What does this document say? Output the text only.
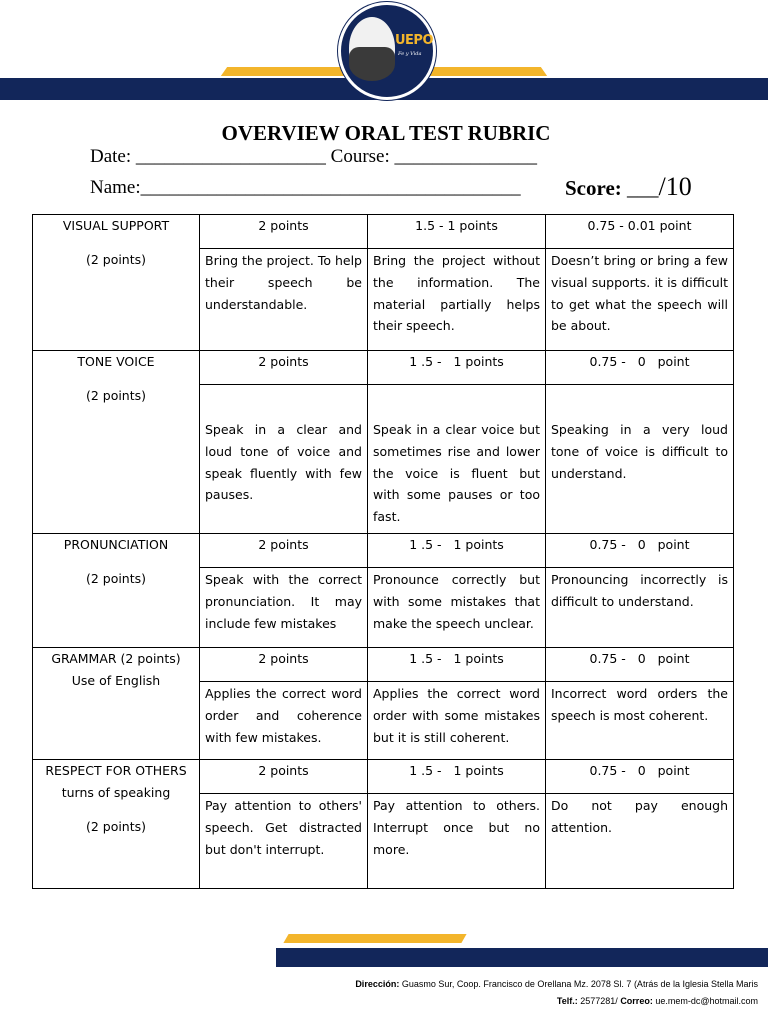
UEPO
Fe y Vida
OVERVIEW ORAL TEST RUBRIC
Date: ____________________ Course: _______________
Name:________________________________________ Score: ___/10
VISUAL SUPPORT
(2 points)	2 points	1.5 - 1 points	0.75 - 0.01 point
	Bring the project. To help their speech be understandable.	Bring the project without the information. The material partially helps their speech.	Doesn’t bring or bring a few visual supports. it is difficult to get what the speech will be about.

TONE VOICE
(2 points)	2 points	1 .5 -   1 points	0.75 -   0   point
	Speak in a clear and loud tone of voice and speak fluently with few pauses.	Speak in a clear voice but sometimes rise and lower the voice is fluent but with some pauses or too fast.	Speaking in a very loud tone of voice is difficult to understand.

PRONUNCIATION
(2 points)	2 points	1 .5 -   1 points	0.75 -   0   point
	Speak with the correct pronunciation. It may include few mistakes	Pronounce correctly but with some mistakes that make the speech unclear.	Pronouncing incorrectly is difficult to understand.

GRAMMAR (2 points)
Use of English	2 points	1 .5 -   1 points	0.75 -   0   point
	Applies the correct word order and coherence with few mistakes.	Applies the correct word order with some mistakes but it is still coherent.	Incorrect word orders the speech is most coherent.

RESPECT FOR OTHERS
turns of speaking
(2 points)	2 points	1 .5 -   1 points	0.75 -   0   point
	Pay attention to others' speech. Get distracted but don't interrupt.	Pay attention to others. Interrupt once but no more.	Do not pay enough attention.
Dirección: Guasmo Sur, Coop. Francisco de Orellana Mz. 2078 Sl. 7 (Atrás de la Iglesia Stella Maris
Telf.: 2577281/ Correo: ue.mem-dc@hotmail.com
